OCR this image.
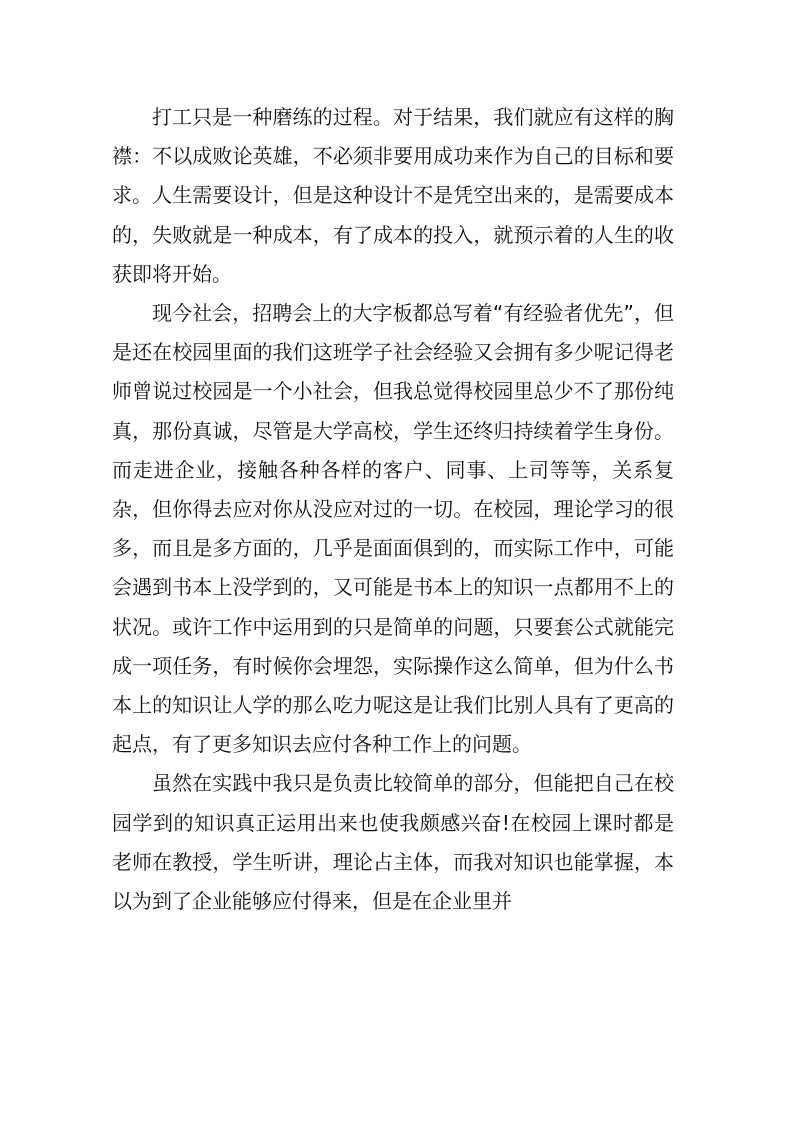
打工只是一种磨练的过程。对于结果，我们就应有这样的胸襟：不以成败论英雄，不必须非要用成功来作为自己的目标和要求。人生需要设计，但是这种设计不是凭空出来的，是需要成本的，失败就是一种成本，有了成本的投入，就预示着的人生的收获即将开始。

现今社会，招聘会上的大字板都总写着“有经验者优先”，但是还在校园里面的我们这班学子社会经验又会拥有多少呢记得老师曾说过校园是一个小社会，但我总觉得校园里总少不了那份纯真，那份真诚，尽管是大学高校，学生还终归持续着学生身份。而走进企业，接触各种各样的客户、同事、上司等等，关系复杂，但你得去应对你从没应对过的一切。在校园，理论学习的很多，而且是多方面的，几乎是面面俱到的，而实际工作中，可能会遇到书本上没学到的，又可能是书本上的知识一点都用不上的状况。或许工作中运用到的只是简单的问题，只要套公式就能完成一项任务，有时候你会埋怨，实际操作这么简单，但为什么书本上的知识让人学的那么吃力呢这是让我们比别人具有了更高的起点，有了更多知识去应付各种工作上的问题。

虽然在实践中我只是负责比较简单的部分，但能把自己在校园学到的知识真正运用出来也使我颇感兴奋!在校园上课时都是老师在教授，学生听讲，理论占主体，而我对知识也能掌握，本以为到了企业能够应付得来，但是在企业里并
